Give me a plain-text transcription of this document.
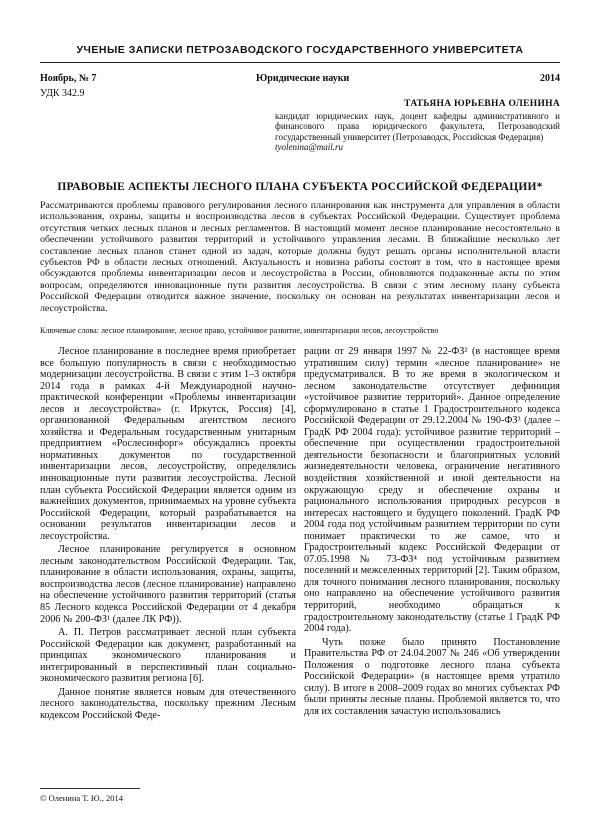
УЧЕНЫЕ ЗАПИСКИ ПЕТРОЗАВОДСКОГО ГОСУДАРСТВЕННОГО УНИВЕРСИТЕТА
Ноябрь, № 7	Юридические науки	2014
УДК 342.9
ТАТЬЯНА ЮРЬЕВНА ОЛЕНИНА
кандидат юридических наук, доцент кафедры административного и финансового права юридического факультета, Петрозаводский государственный университет (Петрозаводск, Российская Федерация)
tyolenina@mail.ru
ПРАВОВЫЕ АСПЕКТЫ ЛЕСНОГО ПЛАНА СУБЪЕКТА РОССИЙСКОЙ ФЕДЕРАЦИИ*
Рассматриваются проблемы правового регулирования лесного планирования как инструмента для управления в области использования, охраны, защиты и воспроизводства лесов в субъектах Российской Федерации. Существует проблема отсутствия четких лесных планов и лесных регламентов. В настоящий момент лесное планирование несостоятельно в обеспечении устойчивого развития территорий и устойчивого управления лесами. В ближайшие несколько лет составление лесных планов станет одной из задач, которые должны будут решать органы исполнительной власти субъектов РФ в области лесных отношений. Актуальность и новизна работы состоят в том, что в настоящее время обсуждаются проблемы инвентаризации лесов и лесоустройства в России, обновляются подзаконные акты по этим вопросам, определяются инновационные пути развития лесоустройства. В связи с этим лесному плану субъекта Российской Федерации отводится важное значение, поскольку он основан на результатах инвентаризации лесов и лесоустройства.
Ключевые слова: лесное планирование, лесное право, устойчивое развитие, инвентаризация лесов, лесоустройство

Лесное планирование в последнее время приобретает все большую популярность в связи с необходимостью модернизации лесоустройства. В связи с этим 1–3 октября 2014 года в рамках 4-й Международной научно-практической конференции «Проблемы инвентаризации лесов и лесоустройства» (г. Иркутск, Россия) [4], организованной Федеральным агентством лесного хозяйства и Федеральным государственным унитарным предприятием «Рослесинфорг» обсуждались проекты нормативных документов по государственной инвентаризации лесов, лесоустройству, определялись инновационные пути развития лесоустройства. Лесной план субъекта Российской Федерации является одним из важнейших документов, принимаемых на уровне субъекта Российской Федерации, который разрабатывается на основании результатов инвентаризации лесов и лесоустройства.

Лесное планирование регулируется в основном лесным законодательством Российской Федерации. Так, планирование в области использования, охраны, защиты, воспроизводства лесов (лесное планирование) направлено на обеспечение устойчивого развития территорий (статья 85 Лесного кодекса Российской Федерации от 4 декабря 2006 № 200-ФЗ¹ (далее ЛК РФ)).

А. П. Петров рассматривает лесной план субъекта Российской Федерации как документ, разработанный на принципах экономического планирования и интегрированный в перспективный план социально-экономического развития региона [6].

Данное понятие является новым для отечественного лесного законодательства, поскольку прежним Лесным кодексом Российской Феде-

рации от 29 января 1997 № 22-ФЗ² (в настоящее время утратившим силу) термин «лесное планирование» не предусматривался. В то же время в экологическом и лесном законодательстве отсутствует дефиниция «устойчивое развитие территорий». Данное определение сформулировано в статье 1 Градостроительного кодекса Российской Федерации от 29.12.2004 № 190-ФЗ³ (далее – ГрадК РФ 2004 года): устойчивое развитие территорий – обеспечение при осуществлении градостроительной деятельности безопасности и благоприятных условий жизнедеятельности человека, ограничение негативного воздействия хозяйственной и иной деятельности на окружающую среду и обеспечение охраны и рационального использования природных ресурсов в интересах настоящего и будущего поколений. ГрадК РФ 2004 года под устойчивым развитием территории по сути понимает практически то же самое, что и Градостроительный кодекс Российской Федерации от 07.05.1998 № 73-ФЗ⁴ под устойчивым развитием поселений и межселенных территорий [2]. Таким образом, для точного понимания лесного планирования, поскольку оно направлено на обеспечение устойчивого развития территорий, необходимо обращаться к градостроительному законодательству (статье 1 ГрадК РФ 2004 года).

Чуть позже было принято Постановление Правительства РФ от 24.04.2007 № 246 «Об утверждении Положения о подготовке лесного плана субъекта Российской Федерации» (в настоящее время утратило силу). В итоге в 2008–2009 годах во многих субъектах РФ были приняты лесные планы. Проблемой является то, что для их составления зачастую использовались

© Оленина Т. Ю., 2014
